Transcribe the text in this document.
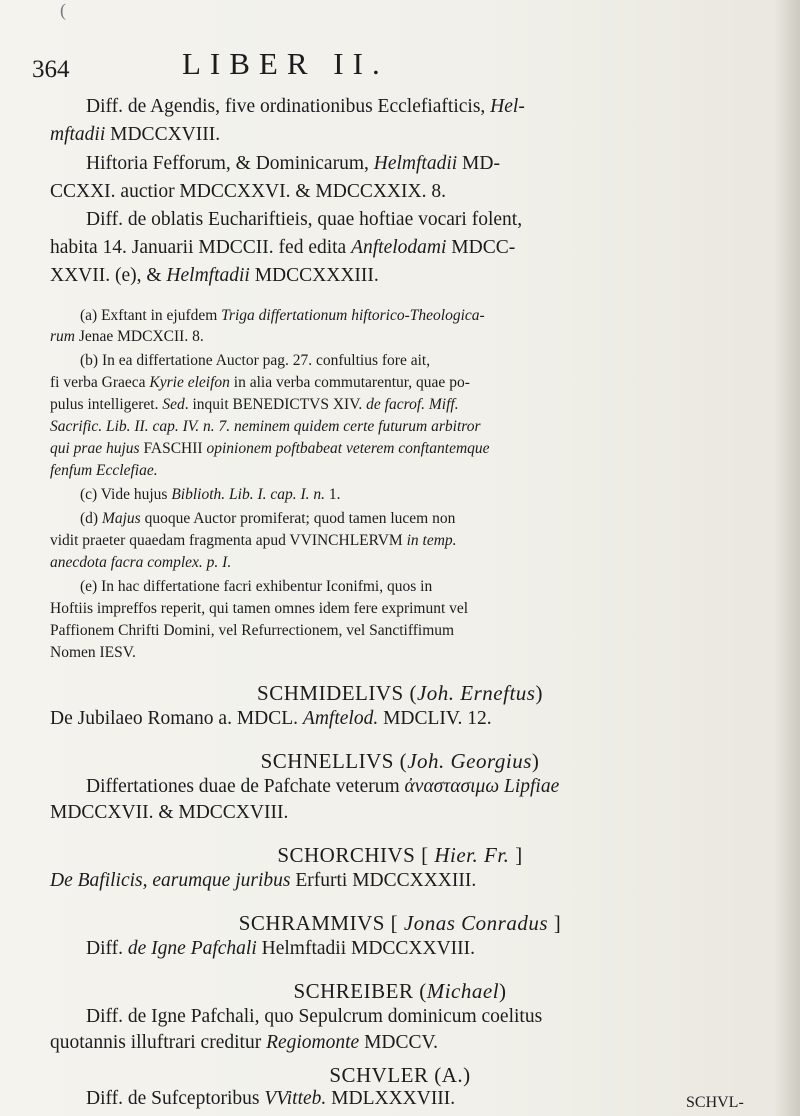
(
364	LIBER II.
Diff. de Agendis, five ordinationibus Ecclefiafticis, Hel-
mftadii MDCCXVIII.
Hiftoria Fefforum, & Dominicarum, Helmftadii MD-
CCXXI. auctior MDCCXXVI. & MDCCXXIX. 8.
Diff. de oblatis Euchariftieis, quae hoftiae vocari folent,
habita 14. Januarii MDCCII. fed edita Anftelodami MDCC-
XXVII. (e), & Helmftadii MDCCXXXIII.
(a) Exftant in ejufdem Triga differtationum hiftorico-Theologica-
rum Jenae MDCXCII. 8.
(b) In ea differtatione Auctor pag. 27. confultius fore ait,
fi verba Graeca Kyrie eleifon in alia verba commutarentur, quae po-
pulus intelligeret. Sed. inquit BENEDICTVS XIV. de facrof. Miff.
Sacrific. Lib. II. cap. IV. n. 7. neminem quidem certe futurum arbitror
qui prae hujus FASCHII opinionem poftbabeat veterem conftantemque
fenfum Ecclefiae.
(c) Vide hujus Biblioth. Lib. I. cap. I. n. 1.
(d) Majus quoque Auctor promiferat; quod tamen lucem non
vidit praeter quaedam fragmenta apud VVINCHLERVM in temp.
anecdota facra complex. p. I.
(e) In hac differtatione facri exhibentur Iconifmi, quos in
Hoftiis impreffos reperit, qui tamen omnes idem fere exprimunt vel
Paffionem Chrifti Domini, vel Refurrectionem, vel Sanctiffimum
Nomen IESV.
SCHMIDELIVS (Joh. Erneftus)
De Jubilaeo Romano a. MDCL. Amftelod. MDCLIV. 12.
SCHNELLIVS (Joh. Georgius)
Differtationes duae de Pafchate veterum ἀναστασιμω Lipfiae
MDCCXVII. & MDCCXVIII.
SCHORCHIVS [ Hier. Fr. ]
De Bafilicis, earumque juribus Erfurti MDCCXXXIII.
SCHRAMMIVS [ Jonas Conradus ]
Diff. de Igne Pafchali Helmftadii MDCCXXVIII.
SCHREIBER (Michael)
Diff. de Igne Pafchali, quo Sepulcrum dominicum coelitus
quotannis illuftrari creditur Regiomonte MDCCV.
SCHVLER (A.)
Diff. de Sufceptoribus VVitteb. MDLXXXVIII.	SCHVL-
